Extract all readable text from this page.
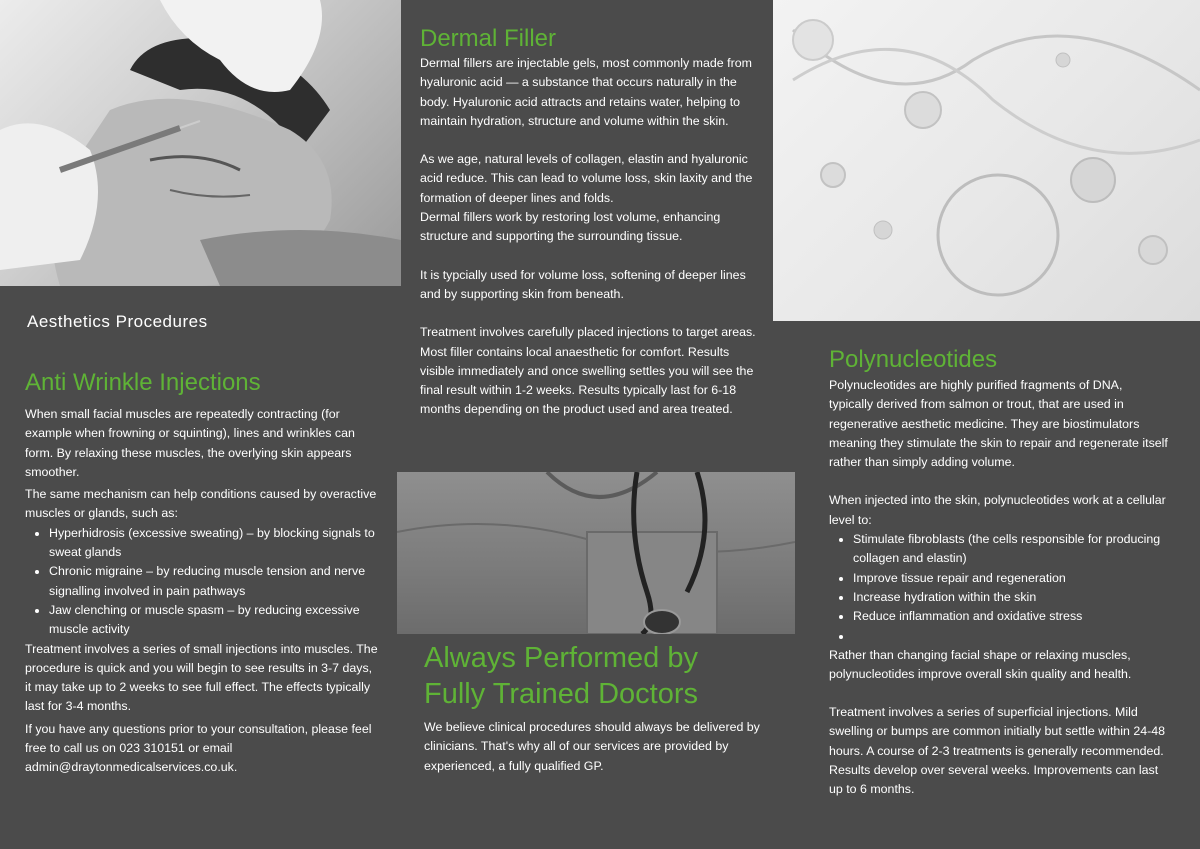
Aesthetics Procedures
Anti Wrinkle Injections

When small facial muscles are repeatedly contracting (for example when frowning or squinting), lines and wrinkles can form. By relaxing these muscles, the overlying skin appears smoother.

The same mechanism can help conditions caused by overactive muscles or glands, such as:

• Hyperhidrosis (excessive sweating) – by blocking signals to sweat glands
• Chronic migraine – by reducing muscle tension and nerve signalling involved in pain pathways
• Jaw clenching or muscle spasm – by reducing excessive muscle activity

Treatment involves a series of small injections into muscles. The procedure is quick and you will begin to see results in 3-7 days, it may take up to 2 weeks to see full effect. The effects typically last for 3-4 months.

If you have any questions prior to your consultation, please feel free to call us on 023 310151 or email admin@draytonmedicalservices.co.uk.

Dermal Filler

Dermal fillers are injectable gels, most commonly made from hyaluronic acid — a substance that occurs naturally in the body. Hyaluronic acid attracts and retains water, helping to maintain hydration, structure and volume within the skin.

As we age, natural levels of collagen, elastin and hyaluronic acid reduce. This can lead to volume loss, skin laxity and the formation of deeper lines and folds.

Dermal fillers work by restoring lost volume, enhancing structure and supporting the surrounding tissue.

It is typcially used for volume loss, softening of deeper lines and by supporting skin from beneath.

Treatment involves carefully placed injections to target areas. Most filler contains local anaesthetic for comfort. Results visible immediately and once swelling settles you will see the final result within 1-2 weeks. Results typically last for 6-18 months depending on the product used and area treated.

Always Performed by Fully Trained Doctors

We believe clinical procedures should always be delivered by clinicians. That's why all of our services are provided by experienced, a fully qualified GP.

Polynucleotides

Polynucleotides are highly purified fragments of DNA, typically derived from salmon or trout, that are used in regenerative aesthetic medicine. They are biostimulators meaning they stimulate the skin to repair and regenerate itself rather than simply adding volume.

When injected into the skin, polynucleotides work at a cellular level to:

• Stimulate fibroblasts (the cells responsible for producing collagen and elastin)
• Improve tissue repair and regeneration
• Increase hydration within the skin
• Reduce inflammation and oxidative stress
•

Rather than changing facial shape or relaxing muscles, polynucleotides improve overall skin quality and health.

Treatment involves a series of superficial injections. Mild swelling or bumps are common initially but settle within 24-48 hours. A course of 2-3 treatments is generally recommended. Results develop over several weeks. Improvements can last up to 6 months.
